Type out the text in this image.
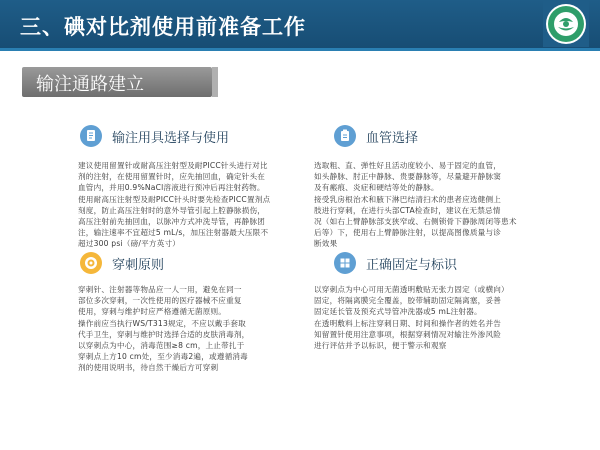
三、碘对比剂使用前准备工作
输注通路建立
输注用具选择与使用
建议使用留置针或耐高压注射型及耐PICC针头进行对比
剂的注射，在使用留置针时，应先抽回血，确定针头在
血管内，并用0.9%NaCl溶液进行预冲后再注射药物。
使用耐高压注射型及耐PICC针头时要先检查PICC置剂点
刻度，防止高压注射时的意外导管引起上腔静脉损伤，
高压注射前先抽回血，以脉冲方式冲洗导管，再静脉团
注，输注速率不宜超过5 mL/s，加压注射器最大压限不
超过300 psi（磅/平方英寸）
血管选择
选取粗、直、弹性好且活动度较小、易于固定的血管，
如头静脉、肘正中静脉、贵要静脉等，尽量避开静脉窦
及有瘢痕、炎症和硬结等处的静脉。
接受乳房根治术和腋下淋巴结清扫术的患者应选健侧上
肢进行穿刺，在进行头部CTA检查时，建议在无禁忌情
况（如右上臂静脉部支狭窄或、右侧锁骨下静脉周闭等患术
后等）下，使用右上臂静脉注射，以提高图像质量与诊
断效果
穿刺原则
穿刺针、注射器等物品应一人一用，避免在同一
部位多次穿刺，一次性使用的医疗器械不应重复
使用，穿刺与维护时应严格遵循无菌原则。
操作前应当执行WS/T313规定，不应以戴手套取
代手卫生，穿刺与维护时选择合适的皮肤消毒剂，
以穿刺点为中心，消毒范围≥8 cm，上止带扎于
穿刺点上方10 cm处，至少消毒2遍，或遵循消毒
剂的使用说明书，待自然干燥后方可穿刺
正确固定与标识
以穿刺点为中心可用无菌透明敷贴无张力固定（或横向）
固定，将隔离膜完全覆盖，胶带辅助固定隔离塞，妥善
固定延长管及预充式导管冲洗器或5 mL注射器。
在透明敷料上标注穿刺日期、时间和操作者的姓名并告
知留置针使用注意事项，根据穿刺情况对输注外渗风险
进行评估并予以标识，便于警示和观察
